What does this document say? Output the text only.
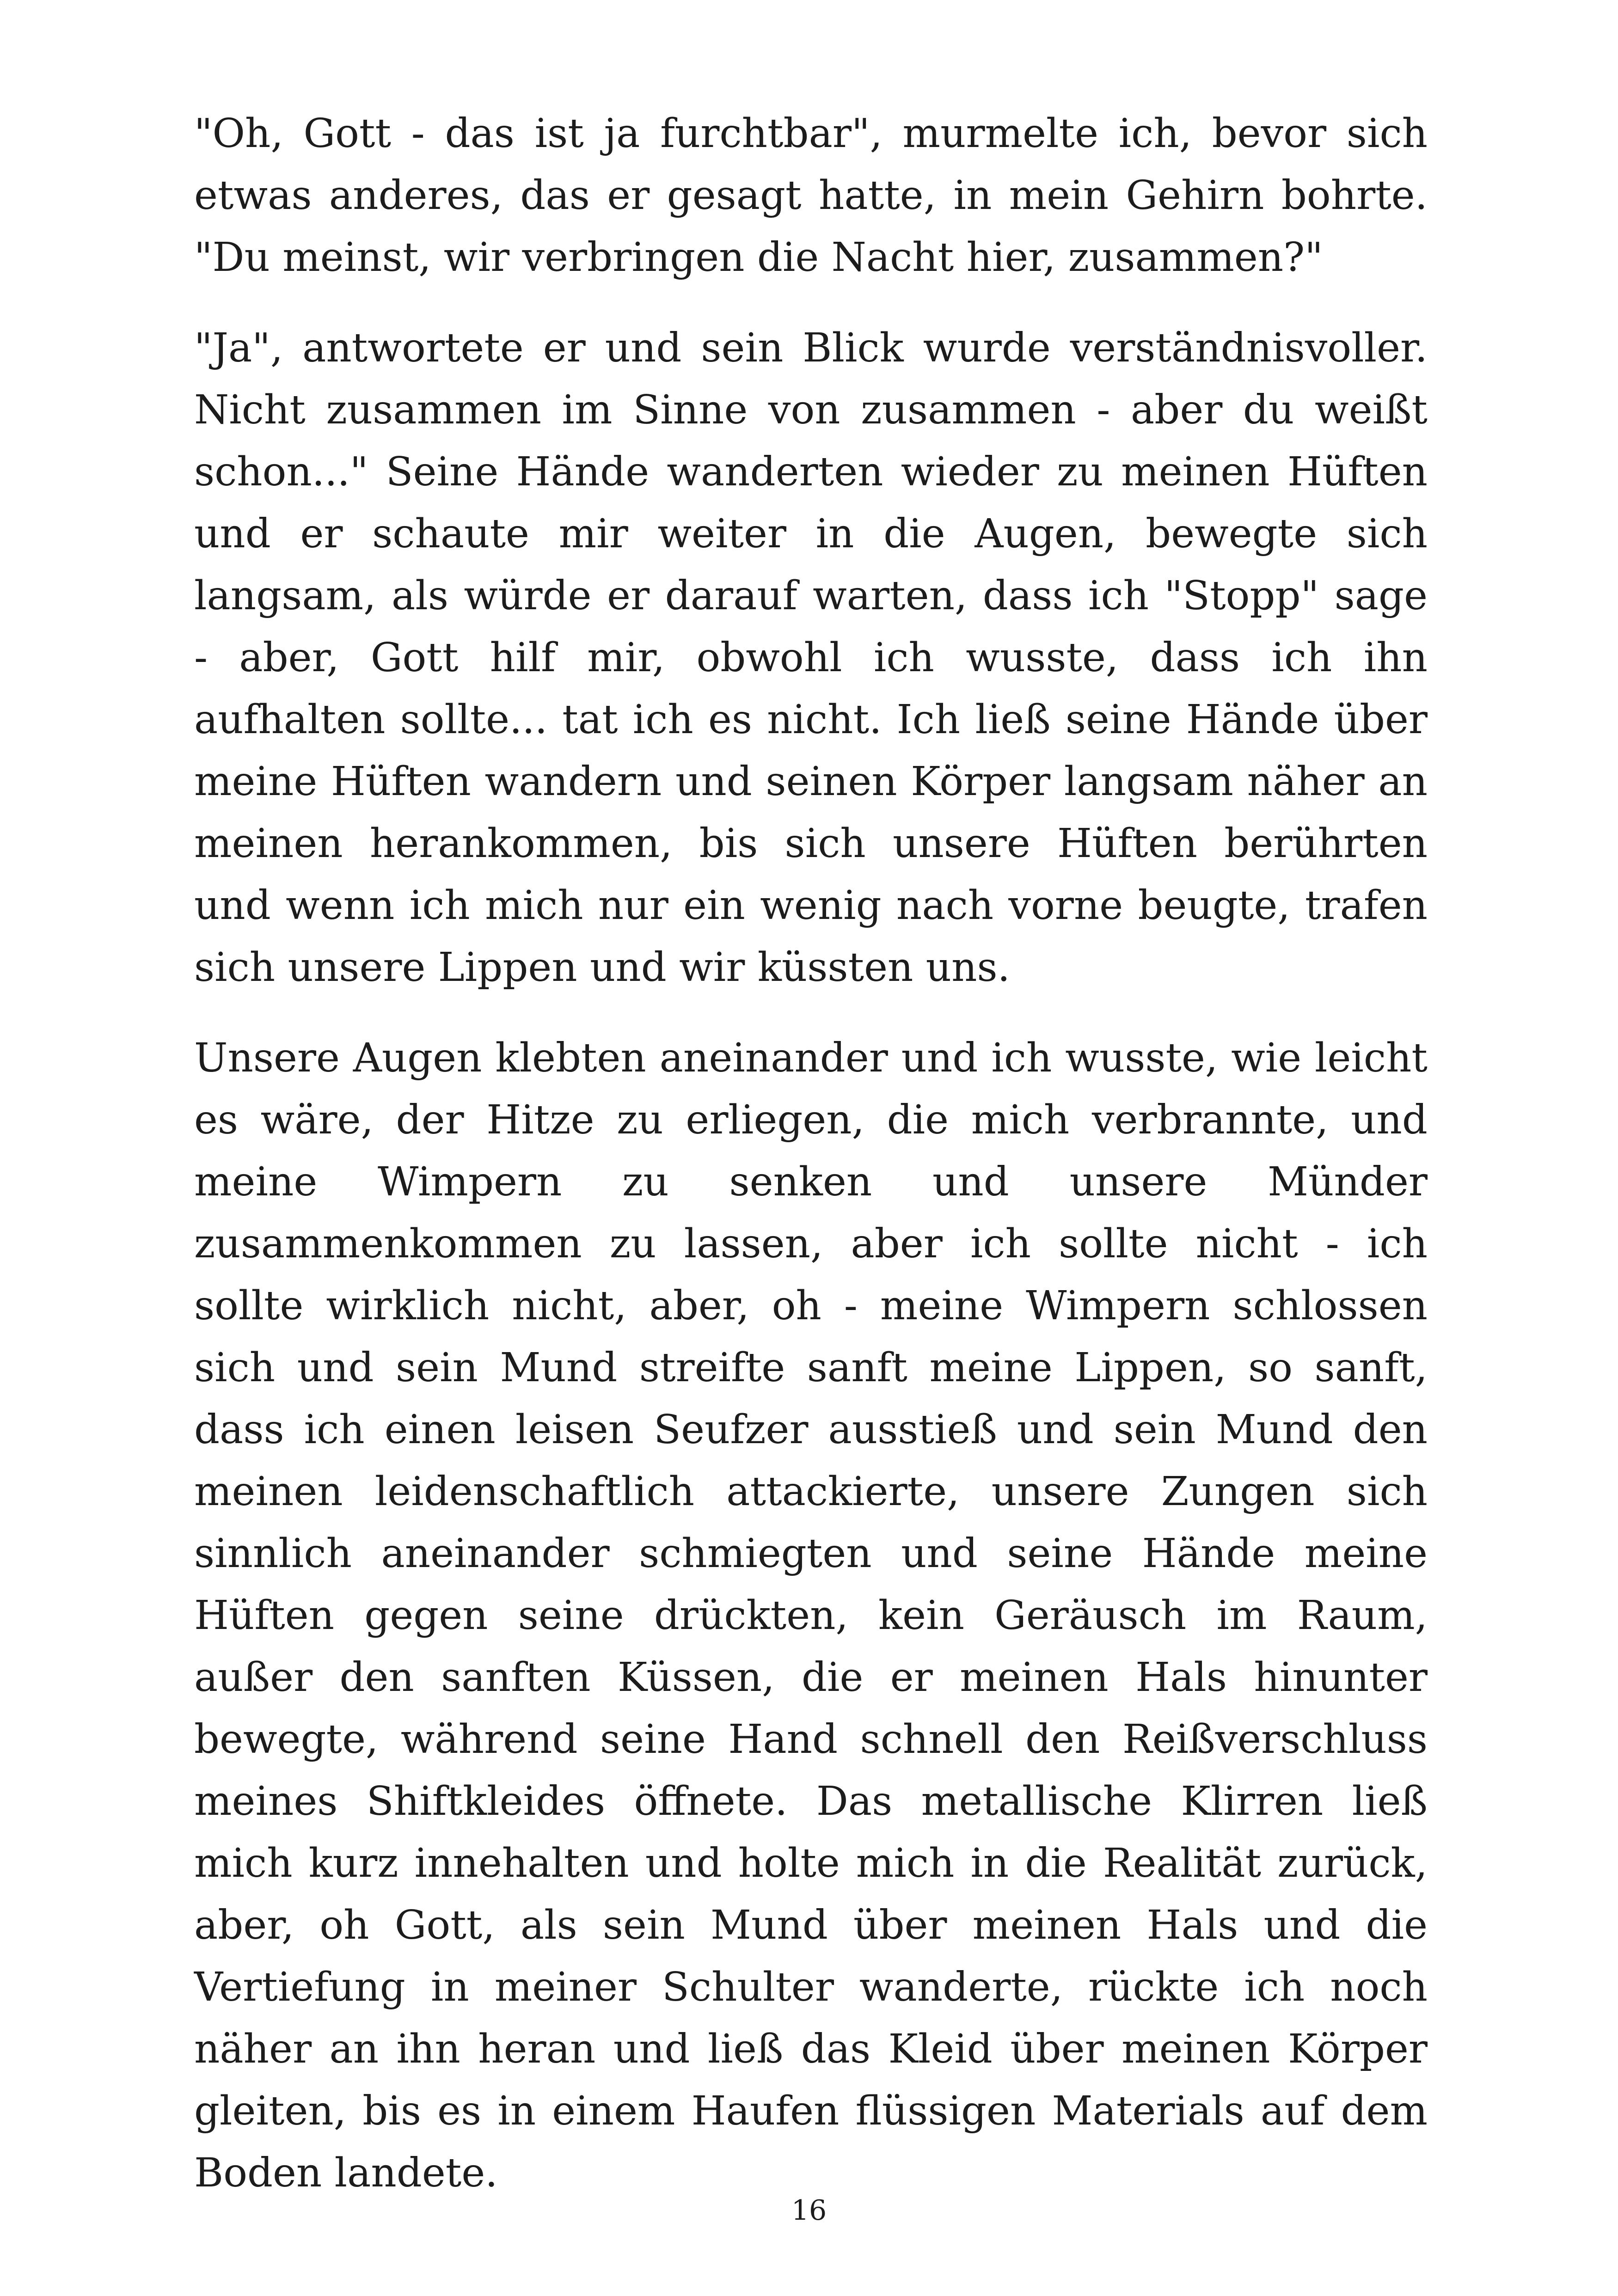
"Oh, Gott - das ist ja furchtbar", murmelte ich, bevor sich etwas anderes, das er gesagt hatte, in mein Gehirn bohrte. "Du meinst, wir verbringen die Nacht hier, zusammen?"

"Ja", antwortete er und sein Blick wurde verständnisvoller. Nicht zusammen im Sinne von zusammen - aber du weißt schon..." Seine Hände wanderten wieder zu meinen Hüften und er schaute mir weiter in die Augen, bewegte sich langsam, als würde er darauf warten, dass ich "Stopp" sage - aber, Gott hilf mir, obwohl ich wusste, dass ich ihn aufhalten sollte... tat ich es nicht. Ich ließ seine Hände über meine Hüften wandern und seinen Körper langsam näher an meinen herankommen, bis sich unsere Hüften berührten und wenn ich mich nur ein wenig nach vorne beugte, trafen sich unsere Lippen und wir küssten uns.

Unsere Augen klebten aneinander und ich wusste, wie leicht es wäre, der Hitze zu erliegen, die mich verbrannte, und meine Wimpern zu senken und unsere Münder zusammenkommen zu lassen, aber ich sollte nicht - ich sollte wirklich nicht, aber, oh - meine Wimpern schlossen sich und sein Mund streifte sanft meine Lippen, so sanft, dass ich einen leisen Seufzer ausstieß und sein Mund den meinen leidenschaftlich attackierte, unsere Zungen sich sinnlich aneinander schmiegten und seine Hände meine Hüften gegen seine drückten, kein Geräusch im Raum, außer den sanften Küssen, die er meinen Hals hinunter bewegte, während seine Hand schnell den Reißverschluss meines Shiftkleides öffnete. Das metallische Klirren ließ mich kurz innehalten und holte mich in die Realität zurück, aber, oh Gott, als sein Mund über meinen Hals und die Vertiefung in meiner Schulter wanderte, rückte ich noch näher an ihn heran und ließ das Kleid über meinen Körper gleiten, bis es in einem Haufen flüssigen Materials auf dem Boden landete.

16
